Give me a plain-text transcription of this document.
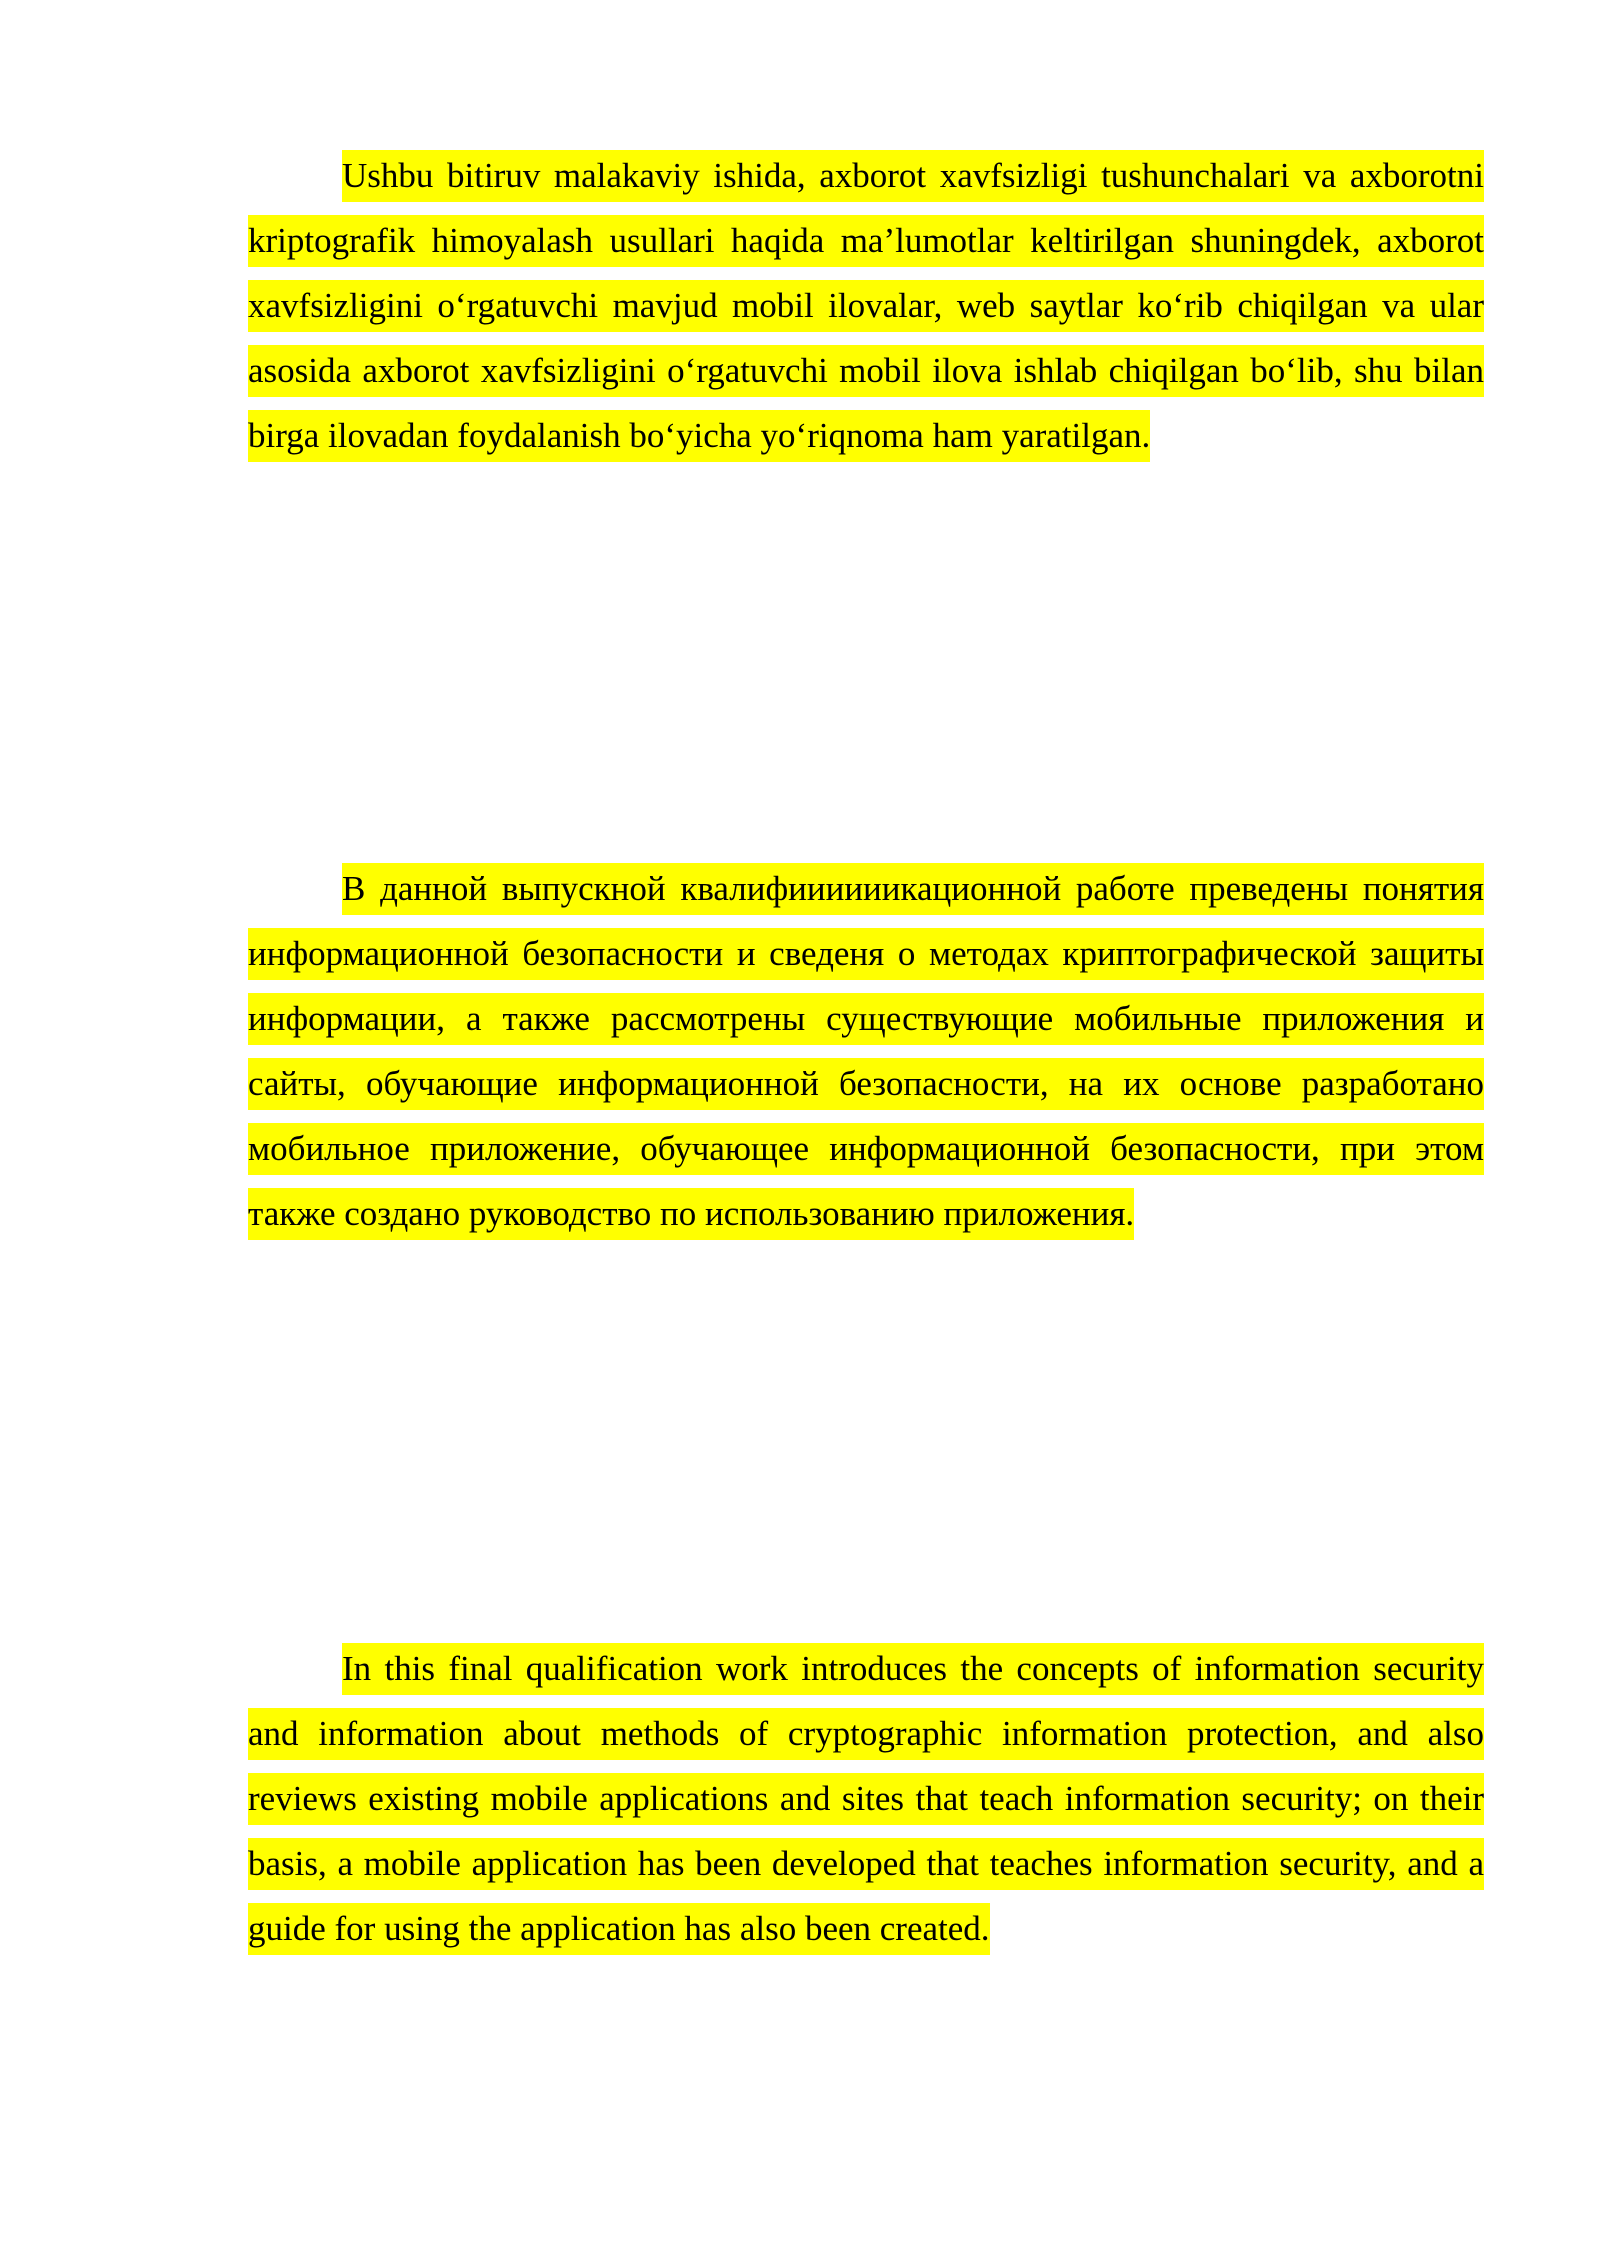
Ushbu bitiruv malakaviy ishida, axborot xavfsizligi tushunchalari va axborotni kriptografik himoyalash usullari haqida ma’lumotlar keltirilgan shuningdek, axborot xavfsizligini o‘rgatuvchi mavjud mobil ilovalar, web saytlar ko‘rib chiqilgan va ular asosida axborot xavfsizligini o‘rgatuvchi mobil ilova ishlab chiqilgan bo‘lib, shu bilan birga ilovadan foydalanish bo‘yicha yo‘riqnoma ham yaratilgan.

В данной выпускной квалифиииииикационной работе преведены понятия информационной безопасности и сведеня о методах криптографической защиты информации, а также рассмотрены существующие мобильные приложения и сайты, обучающие информационной безопасности, на их основе разработано мобильное приложение, обучающее информационной безопасности, при этом также создано руководство по использованию приложения.

In this final qualification work introduces the concepts of information security and information about methods of cryptographic information protection, and also reviews existing mobile applications and sites that teach information security; on their basis, a mobile application has been developed that teaches information security, and a guide for using the application has also been created.
